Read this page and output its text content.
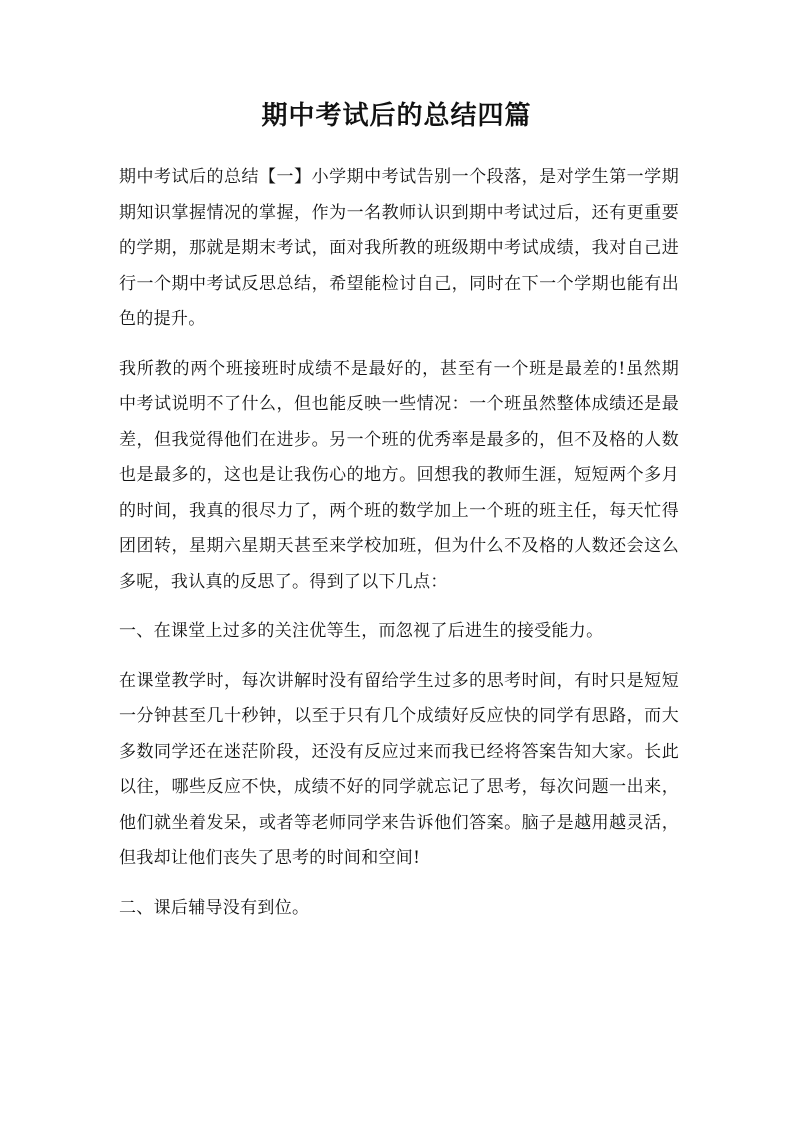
期中考试后的总结四篇

期中考试后的总结【一】小学期中考试告别一个段落，是对学生第一学期期知识掌握情况的掌握，作为一名教师认识到期中考试过后，还有更重要的学期，那就是期末考试，面对我所教的班级期中考试成绩，我对自己进行一个期中考试反思总结，希望能检讨自己，同时在下一个学期也能有出色的提升。

我所教的两个班接班时成绩不是最好的，甚至有一个班是最差的!虽然期中考试说明不了什么，但也能反映一些情况：一个班虽然整体成绩还是最差，但我觉得他们在进步。另一个班的优秀率是最多的，但不及格的人数也是最多的，这也是让我伤心的地方。回想我的教师生涯，短短两个多月的时间，我真的很尽力了，两个班的数学加上一个班的班主任，每天忙得团团转，星期六星期天甚至来学校加班，但为什么不及格的人数还会这么多呢，我认真的反思了。得到了以下几点：

一、在课堂上过多的关注优等生，而忽视了后进生的接受能力。

在课堂教学时，每次讲解时没有留给学生过多的思考时间，有时只是短短一分钟甚至几十秒钟，以至于只有几个成绩好反应快的同学有思路，而大多数同学还在迷茫阶段，还没有反应过来而我已经将答案告知大家。长此以往，哪些反应不快，成绩不好的同学就忘记了思考，每次问题一出来，他们就坐着发呆，或者等老师同学来告诉他们答案。脑子是越用越灵活，但我却让他们丧失了思考的时间和空间!

二、课后辅导没有到位。
